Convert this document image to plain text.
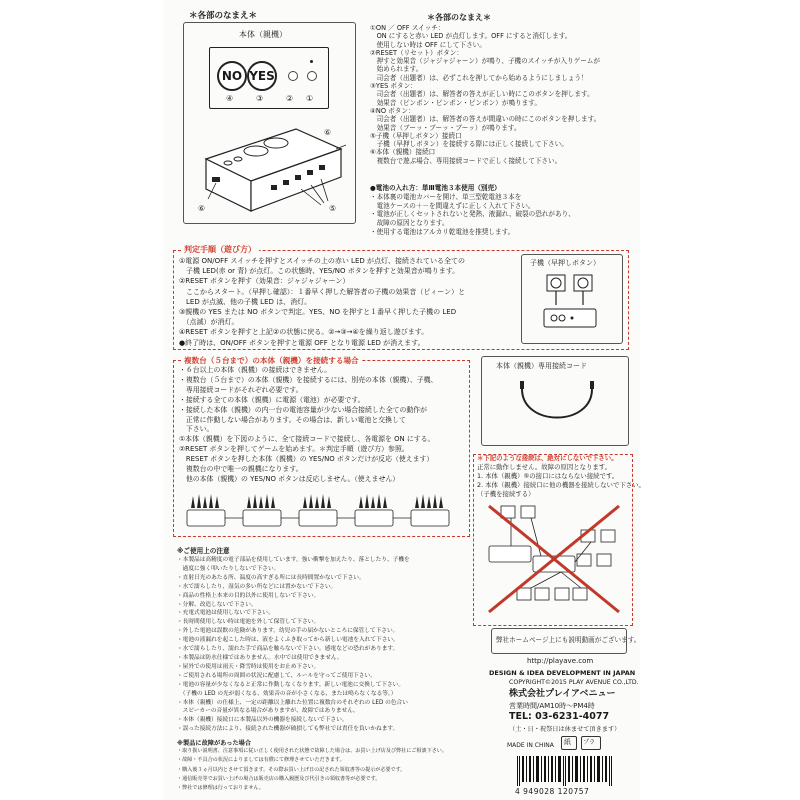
＊各部のなまえ＊

本体（親機）

NO YES

④	③	② ①

⑥

⑤

⑥

＊各部のなまえ＊

①ON ／ OFF スイッチ：
　ON にすると赤い LED が点灯します。OFF にすると消灯します。
　使用しない時は OFF にして下さい。
②RESET（リセット）ボタン：
　押すと効果音（ジャジャジャーン）が鳴り、子機のスイッチが入りゲームが
　始められます。
　司会者（出題者）は、必ずこれを押してから始めるようにしましょう！
③YES ボタン：
　司会者（出題者）は、解答者の答えが正しい時にこのボタンを押します。
　効果音（ピンポン・ピンポン・ピンポン）が鳴ります。
④NO ボタン：
　司会者（出題者）は、解答者の答えが間違いの時にこのボタンを押します。
　効果音（ブーッ・ブーッ・ブーッ）が鳴ります。
⑤子機（早押しボタン）接続口
　子機（早押しボタン）を接続する際には正しく接続して下さい。
⑥本体（親機）接続口
　複数台で遊ぶ場合、専用接続コードで正しく接続して下さい。
●電池の入れ方：単Ⅲ電池３本使用（別売）
・本体裏の電池カバーを開け、単三型乾電池３本を
　電池ケースの＋－を間違えずに正しく入れて下さい。
・電池が正しくセットされないと発熱、液漏れ、破裂の恐れがあり、
　故障の原因となります。
・使用する電池はアルカリ乾電池を推奨します。

判定手順（遊び方）

①電源 ON/OFF スイッチを押すとスイッチの上の赤い LED が点灯、接続されている全ての
　子機 LED(赤 or 青) が点灯。この状態時、YES/NO ボタンを押すと効果音が鳴ります。
②RESET ボタンを押す（効果音：ジャジャジャーン）
　ここからスタート。（早押し確認）：１番早く押した解答者の子機の効果音（ピィーン）と
　LED が点滅、他の子機 LED は、消灯。
③親機の YES または NO ボタンで判定。YES、NO を押すと１番早く押した子機の LED
　（点滅）が消灯。
④RESET ボタンを押すと上記②の状態に戻る。②→③→④を繰り返し遊びます。
●終了時は、ON/OFF ボタンを押すと電源 OFF となり電源 LED が消えます。

子機（早押しボタン）

複数台（５台まで）の本体（親機）を接続する場合

・６台以上の本体（親機）の接続はできません。
・複数台（５台まで）の本体（親機）を接続するには、別売の本体（親機）、子機、
　専用接続コードがそれぞれ必要です。
・接続する全ての本体（親機）に電源（電池）が必要です。
・接続した本体（親機）の内一台の電池容量が少ない場合接続した全ての動作が
　正常に作動しない場合があります。その場合は、新しい電池と交換して
　下さい。
①本体（親機）を下図のように、全て接続コードで接続し、各電源を ON にする。
②RESET ボタンを押してゲームを始めます。＊判定手順（遊び方）参照。
　RESET ボタンを押した本体（親機）の YES/NO ボタンだけが反応（使えます）
　複数台の中で唯一の親機になります。
　他の本体（親機）の YES/NO ボタンは反応しません。（使えません）

本体（親機）専用接続コード

＊下記のような接続は、絶対にしないで下さい。
正常に動作しません。故障の原因となります。
1. 本体（親機）⑤の接口にはならない接続です。
2. 本体（親機）接続口に他の機器を接続しないで下さい。
（子機を接続する）

※ご使用上の注意

・本製品は高精度の電子部品を使用しています。強い衝撃を加えたり、落としたり、子機を
　過度に強く叩いたりしないで下さい。
・直射日光のあたる所、温度の高すぎる所には長時間置かないで下さい。
・水で濡らしたり、湿気の多い所などには置かないで下さい。
・商品の性格上本来の目的以外に使用しないで下さい。
・分解、改造しないで下さい。
・充電式電池は使用しないで下さい。
・長時間使用しない時は電池を外して保管して下さい。
・外した電池は誤飲の危険があります。幼児の手の届かないところに保管して下さい。
・電池の液漏れを起こした時は、液をよくふき取ってから新しい電池を入れて下さい。
・水で濡らしたり、濡れた手で商品を触らないで下さい。感電などの恐れがあります。
・本製品は防水仕様ではありません。水中では使用できません。
・屋外での使用は雨天・降雪時は使用をお止め下さい。
・ご使用される場所の周囲の状況に配慮して、ルールを守ってご使用下さい。
・電池の容量が少なくなると正常に作動しなくなります。新しい電池に交換して下さい。
　（子機の LED の光が弱くなる、効果音の音が小さくなる、または鳴らなくなる等。）
・本体（親機）の仕様上、一定の距離以上離れた位置に複数台のそれぞれの LED の色合い
　スピーカーの音量が異なる場合がありますが、故障ではありません。
・本体（親機）接続口に本製品以外の機器を接続しないで下さい。
・誤った接続方法により、接続された機器が破損しても弊社では責任を負いかねます。

※製品に故障があった場合

・取り扱い説明書、注意事項に従い正しく使用された状態で故障した場合は、お買い上げ店及び弊社にご相談下さい。
・故障・不具合の状況によりましては有償にて修理させていただきます。
・購入後３ヵ月以内とさせて頂きます。その際お買い上げ日の記された領収書等の提示が必要です。
・通信販売等でお買い上げの場合は販売店の購入履歴及び代引きの領収書等が必要です。
・弊社では修理は行っておりません。

弊社ホームページ上にも説明動画がございます。

http://playave.com

DESIGN & IDEA DEVELOPMENT IN JAPAN

COPYRIGHT©2015 PLAY AVENUE CO.,LTD.

株式会社プレイアベニュー

営業時間/AM10時〜PM4時

TEL: 03-6231-4077

（土・日・祝祭日は休ませて頂きます）

MADE IN CHINA 紙 プラ

4 949028 120757
